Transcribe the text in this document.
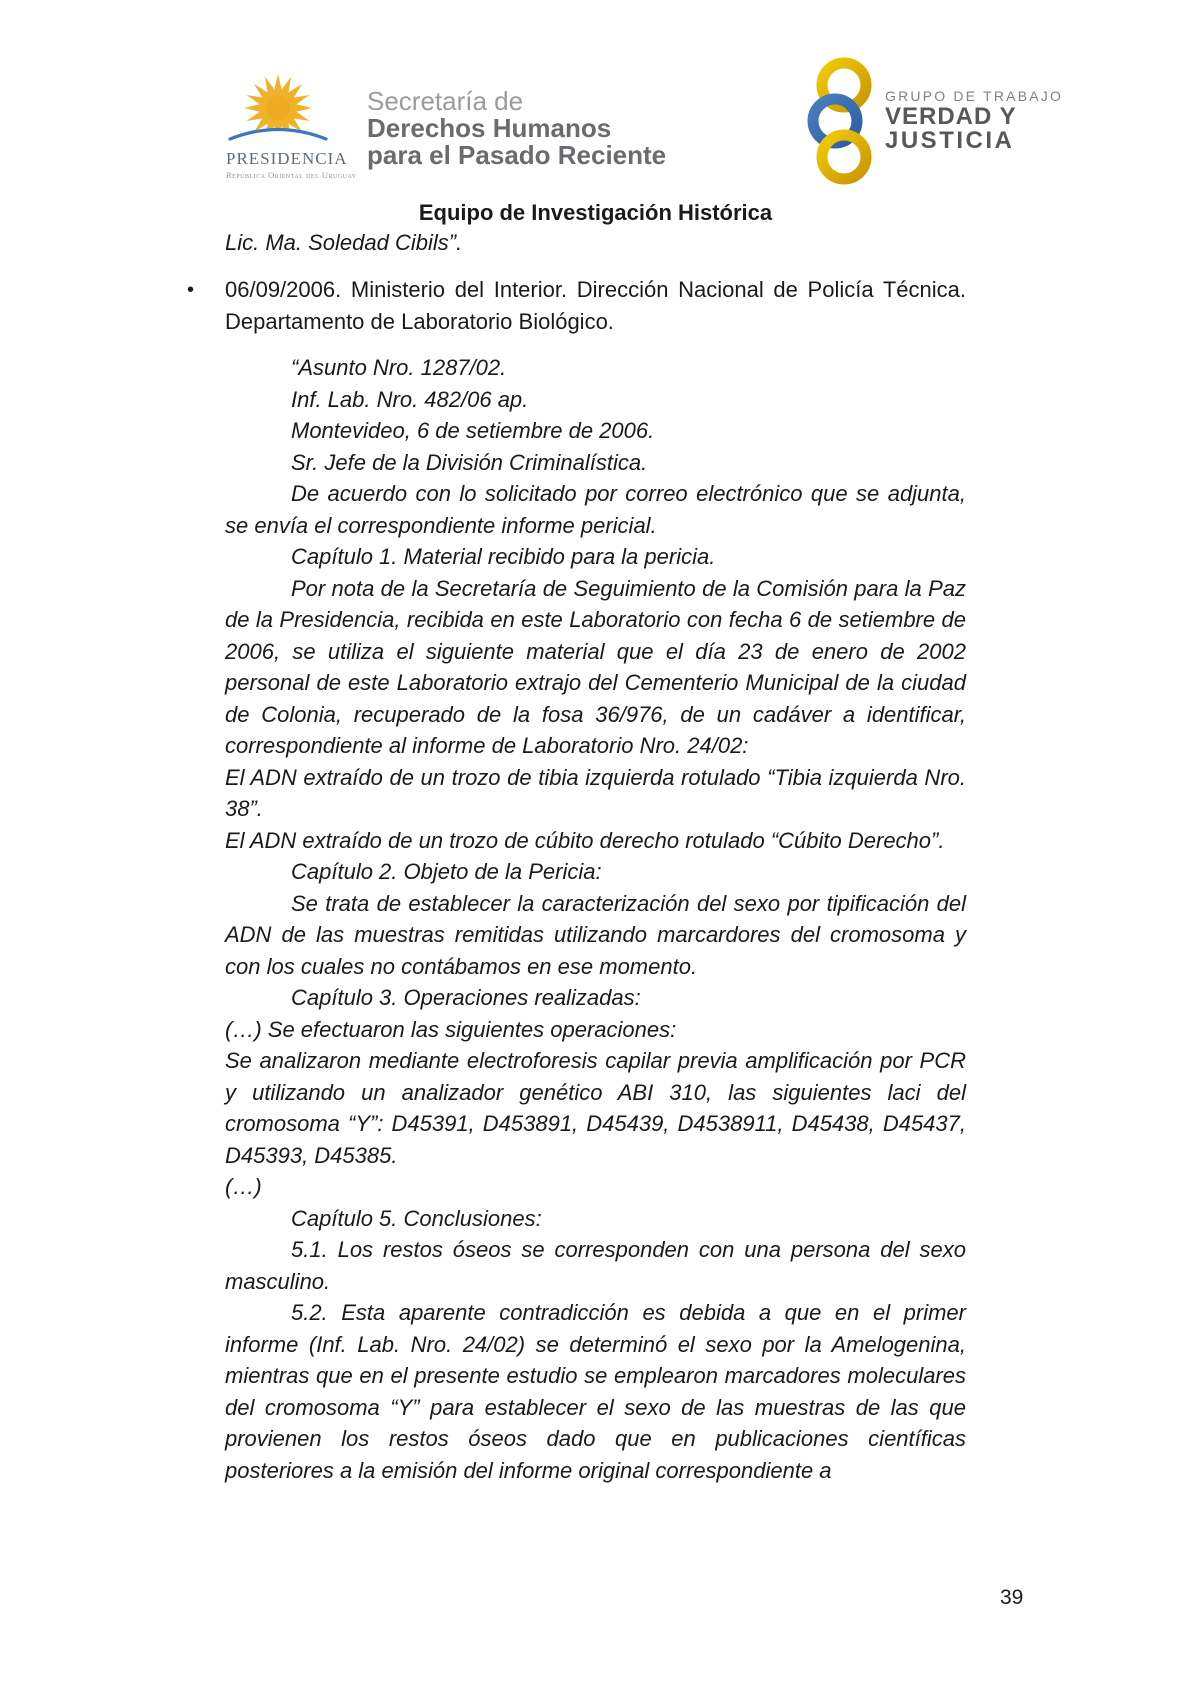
PRESIDENCIA
República Oriental del Uruguay
Secretaría de
Derechos Humanos
para el Pasado Reciente
GRUPO DE TRABAJO
VERDAD Y
JUSTICIA
Equipo de Investigación Histórica

Lic. Ma. Soledad Cibils”.

• 06/09/2006. Ministerio del Interior. Dirección Nacional de Policía Técnica. Departamento de Laboratorio Biológico.

“Asunto Nro. 1287/02.

Inf. Lab. Nro. 482/06 ap.

Montevideo, 6 de setiembre de 2006.

Sr. Jefe de la División Criminalística.

De acuerdo con lo solicitado por correo electrónico que se adjunta, se envía el correspondiente informe pericial.

Capítulo 1. Material recibido para la pericia.

Por nota de la Secretaría de Seguimiento de la Comisión para la Paz de la Presidencia, recibida en este Laboratorio con fecha 6 de setiembre de 2006, se utiliza el siguiente material que el día 23 de enero de 2002 personal de este Laboratorio extrajo del Cementerio Municipal de la ciudad de Colonia, recuperado de la fosa 36/976, de un cadáver a identificar, correspondiente al informe de Laboratorio Nro. 24/02:

El ADN extraído de un trozo de tibia izquierda rotulado “Tibia izquierda Nro. 38”.

El ADN extraído de un trozo de cúbito derecho rotulado “Cúbito Derecho”.

Capítulo 2. Objeto de la Pericia:

Se trata de establecer la caracterización del sexo por tipificación del ADN de las muestras remitidas utilizando marcardores del cromosoma y con los cuales no contábamos en ese momento.

Capítulo 3. Operaciones realizadas:

(…) Se efectuaron las siguientes operaciones:

Se analizaron mediante electroforesis capilar previa amplificación por PCR y utilizando un analizador genético ABI 310, las siguientes laci del cromosoma “Y”: D45391, D453891, D45439, D4538911, D45438, D45437, D45393, D45385.

(…)

Capítulo 5. Conclusiones:

5.1. Los restos óseos se corresponden con una persona del sexo masculino.

5.2. Esta aparente contradicción es debida a que en el primer informe (Inf. Lab. Nro. 24/02) se determinó el sexo por la Amelogenina, mientras que en el presente estudio se emplearon marcadores moleculares del cromosoma “Y” para establecer el sexo de las muestras de las que provienen los restos óseos dado que en publicaciones científicas posteriores a la emisión del informe original correspondiente a

39
